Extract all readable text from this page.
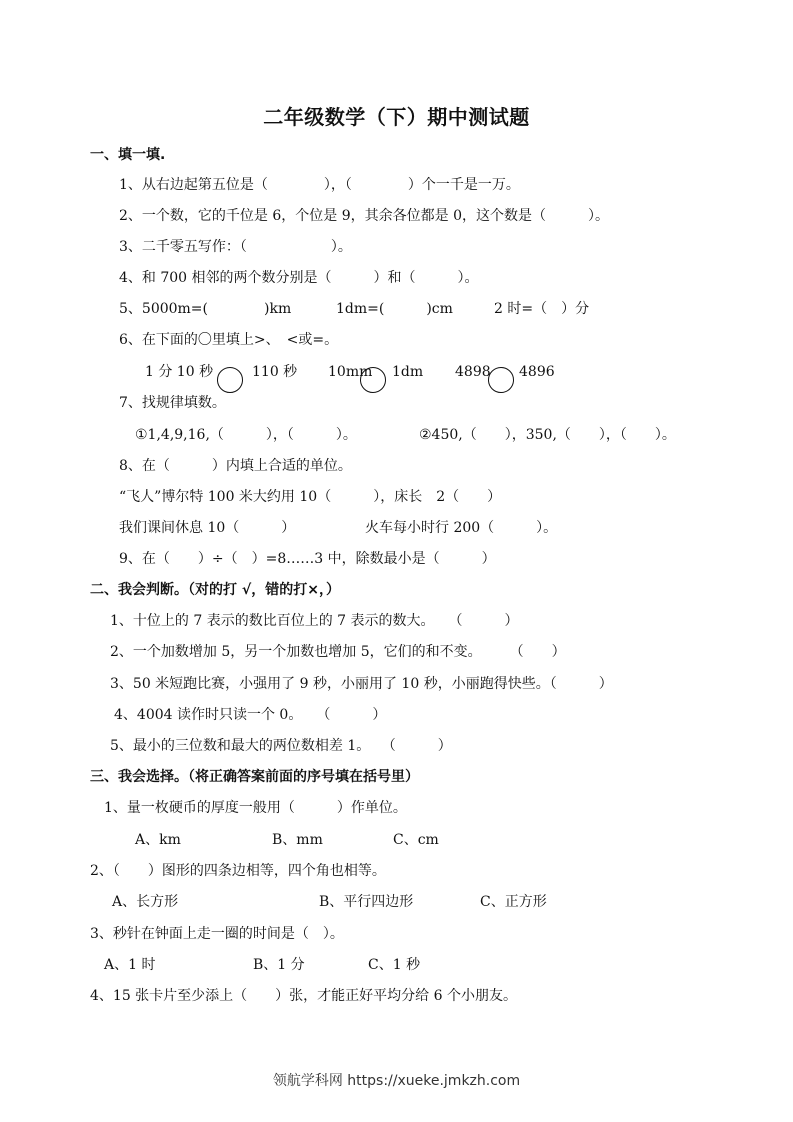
二年级数学（下）期中测试题
一、填一填.
1、从右边起第五位是（　　　　），（　　　　）个一千是一万。
2、一个数，它的千位是 6，个位是 9，其余各位都是 0，这个数是（　　　）。
3、二千零五写作：（　　　　　　）。
4、和 700 相邻的两个数分别是（　　　）和（　　　）。
5、5000m=(　　　　)km	1dm=(　　　)cm	2 时=（　）分
6、在下面的〇里填上>、　<或=。
1 分 10 秒	110 秒 10mm 1dm 4898 4896
7、找规律填数。
①1,4,9,16,（　　　），（　　　）。	②450,（　　），350,（　　），（　　）。
8、在（　　　）内填上合适的单位。
“飞人”博尔特 100 米大约用 10（　　　），床长　2（　　）
我们课间休息 10（　　　）	火车每小时行 200（　　　）。
9、在（　　）÷（　）=8……3 中，除数最小是（　　　）
二、我会判断。（对的打 √，错的打×，）
1、十位上的 7 表示的数比百位上的 7 表示的数大。　　（　　　）
2、一个加数增加 5，另一个加数也增加 5，它们的和不变。　　　（　　）
3、50 米短跑比赛，小强用了 9 秒，小丽用了 10 秒，小丽跑得快些。（　　　）
4、4004 读作时只读一个 0。　　（　　　）
5、最小的三位数和最大的两位数相差 1。　 （　　　）
三、我会选择。（将正确答案前面的序号填在括号里）
1、量一枚硬币的厚度一般用（　　　）作单位。
A、km	B、mm	C、cm
2、（　　）图形的四条边相等，四个角也相等。
A、长方形	B、平行四边形	C、正方形
3、秒针在钟面上走一圈的时间是（　）。
A、1 时	B、1 分	C、1 秒
4、15 张卡片至少添上（　　）张，才能正好平均分给 6 个小朋友。
领航学科网 https://xueke.jmkzh.com
